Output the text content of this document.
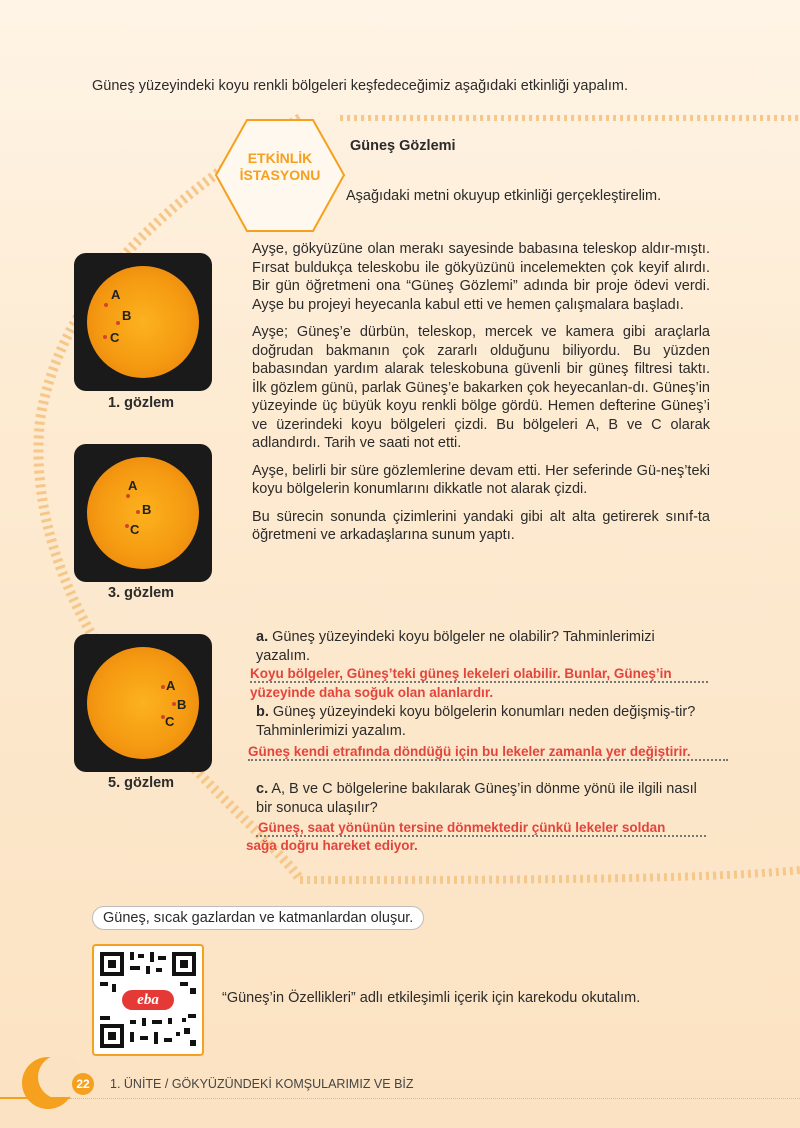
Güneş yüzeyindeki koyu renkli bölgeleri keşfedeceğimiz aşağıdaki etkinliği yapalım.
ETKİNLİK
İSTASYONU
Güneş Gözlemi
Aşağıdaki metni okuyup etkinliği gerçekleştirelim.

Ayşe, gökyüzüne olan merakı sayesinde babasına teleskop aldır-mıştı. Fırsat buldukça teleskobu ile gökyüzünü incelemekten çok keyif alırdı. Bir gün öğretmeni ona “Güneş Gözlemi” adında bir proje ödevi verdi. Ayşe bu projeyi heyecanla kabul etti ve hemen çalışmalara başladı.

Ayşe; Güneş’e dürbün, teleskop, mercek ve kamera gibi araçlarla doğrudan bakmanın çok zararlı olduğunu biliyordu. Bu yüzden babasından yardım alarak teleskobuna güvenli bir güneş filtresi taktı. İlk gözlem günü, parlak Güneş’e bakarken çok heyecanlan-dı. Güneş’in yüzeyinde üç büyük koyu renkli bölge gördü. Hemen defterine Güneş’i ve üzerindeki koyu bölgeleri çizdi. Bu bölgeleri A, B ve C olarak adlandırdı. Tarih ve saati not etti.

Ayşe, belirli bir süre gözlemlerine devam etti. Her seferinde Gü-neş’teki koyu bölgelerin konumlarını dikkatle not alarak çizdi.

Bu sürecin sonunda çizimlerini yandaki gibi alt alta getirerek sınıf-ta öğretmeni ve arkadaşlarına sunum yaptı.

A
B
C
1. gözlem
A
B
C
3. gözlem
A
B
C
5. gözlem
a. Güneş yüzeyindeki koyu bölgeler ne olabilir? Tahminlerimizi yazalım.
Koyu bölgeler, Güneş’teki güneş lekeleri olabilir. Bunlar, Güneş’in
yüzeyinde daha soğuk olan alanlardır.
b. Güneş yüzeyindeki koyu bölgelerin konumları neden değişmiş-tir? Tahminlerimizi yazalım.
Güneş kendi etrafında döndüğü için bu lekeler zamanla yer değiştirir.
c. A, B ve C bölgelerine bakılarak Güneş’in dönme yönü ile ilgili nasıl bir sonuca ulaşılır?
Güneş, saat yönünün tersine dönmektedir çünkü lekeler soldan
sağa doğru hareket ediyor.
Güneş, sıcak gazlardan ve katmanlardan oluşur.
eba	“Güneş’in Özellikleri” adlı etkileşimli içerik için karekodu okutalım.
22	1. ÜNİTE / GÖKYÜZÜNDEKİ KOMŞULARIMIZ VE BİZ
